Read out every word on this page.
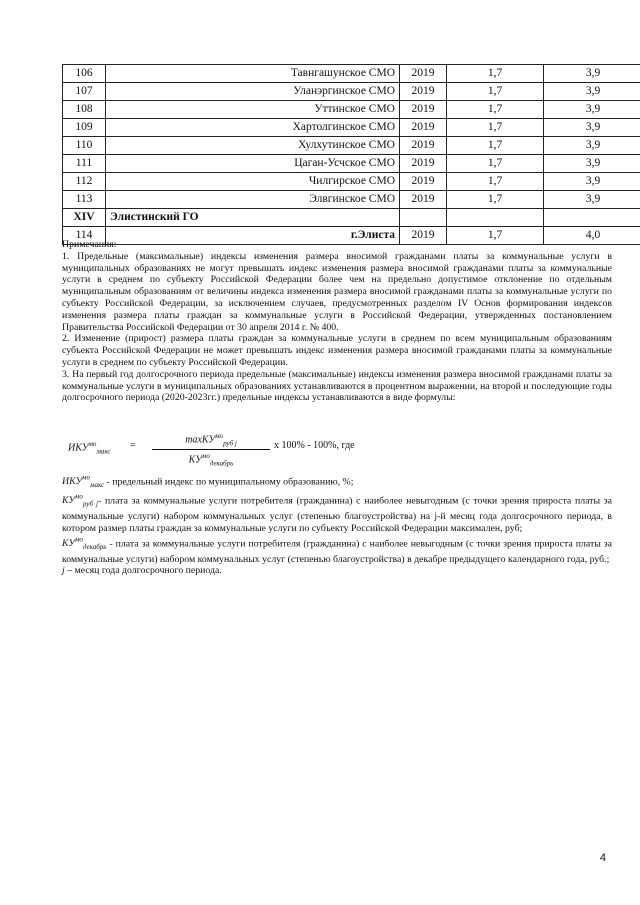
106	Тавнгашунское СМО	2019	1,7	3,9
107	Уланэргинское СМО	2019	1,7	3,9
108	Уттинское СМО	2019	1,7	3,9
109	Хартолгинское СМО	2019	1,7	3,9
110	Хулхутинское СМО	2019	1,7	3,9
111	Цаган-Усчское СМО	2019	1,7	3,9
112	Чилгирское СМО	2019	1,7	3,9
113	Элвгинское СМО	2019	1,7	3,9
XIV	Элистинский ГО			
114	г.Элиста	2019	1,7	4,0

Примечания:

1. Предельные (максимальные) индексы изменения размера вносимой гражданами платы за коммунальные услуги в муниципальных образованиях не могут превышать индекс изменения размера вносимой гражданами платы за коммунальные услуги в среднем по субъекту Российской Федерации более чем на предельно допустимое отклонение по отдельным муниципальным образованиям от величины индекса изменения размера вносимой гражданами платы за коммунальные услуги по субъекту Российской Федерации, за исключением случаев, предусмотренных разделом IV Основ формирования индексов изменения размера платы граждан за коммунальные услуги в Российской Федерации, утвержденных постановлением Правительства Российской Федерации от 30 апреля 2014 г. № 400.

2. Изменение (прирост) размера платы граждан за коммунальные услуги в среднем по всем муниципальным образованиям субъекта Российской Федерации не может превышать индекс изменения размера вносимой гражданами платы за коммунальные услуги в среднем по субъекту Российской Федерации.

3. На первый год долгосрочного периода предельные (максимальные) индексы изменения размера вносимой гражданами платы за коммунальные услуги в муниципальных образованиях устанавливаются в процентном выражении, на второй и последующие годы долгосрочного периода (2020-2023гг.) предельные индексы устанавливаются в виде формулы:

$ИКУ^{мо}_{макс}$
=
maxКУ$^{мо}_{руб j}$
$КУ^{мо}_{декабрь}$
х 100% - 100%, где

$ИКУ^{мо}_{макс}$ - предельный индекс по муниципальному образованию, %;

$КУ^{мо}_{руб j}-$ плата за коммунальные услуги потребителя (гражданина) с наиболее невыгодным (с точки зрения прироста платы за коммунальные услуги) набором коммунальных услуг (степенью благоустройства) на j-й месяц года долгосрочного периода, в котором размер платы граждан за коммунальные услуги по субъекту Российской Федерации максимален, руб;

$КУ^{мо}_{декабрь}$ - плата за коммунальные услуги потребителя (гражданина) с наиболее невыгодным (с точки зрения прироста платы за коммунальные услуги) набором коммунальных услуг (степенью благоустройства) в декабре предыдущего календарного года, руб.;

j – месяц года долгосрочного периода.

4
